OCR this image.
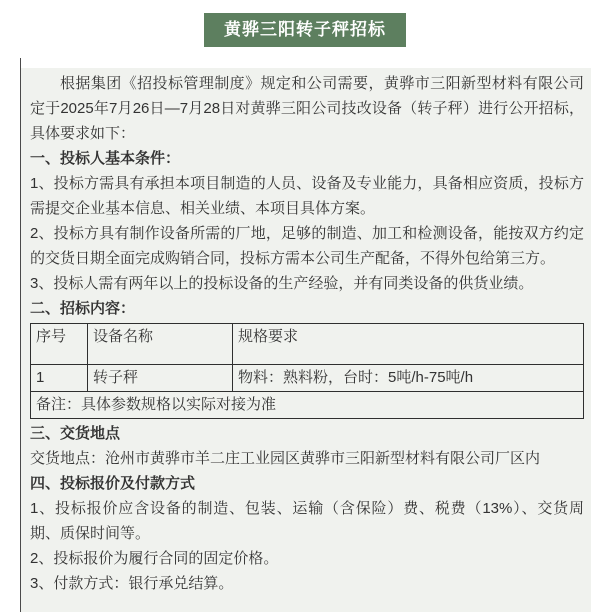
黄骅三阳转子秤招标

根据集团《招投标管理制度》规定和公司需要，黄骅市三阳新型材料有限公司定于2025年7月26日—7月28日对黄骅三阳公司技改设备（转子秤）进行公开招标，具体要求如下：

一、投标人基本条件：

1、投标方需具有承担本项目制造的人员、设备及专业能力，具备相应资质，投标方需提交企业基本信息、相关业绩、本项目具体方案。

2、投标方具有制作设备所需的厂地，足够的制造、加工和检测设备，能按双方约定的交货日期全面完成购销合同，投标方需本公司生产配备，不得外包给第三方。

3、投标人需有两年以上的投标设备的生产经验，并有同类设备的供货业绩。

二、招标内容：

序号	设备名称	规格要求
1	转子秤	物料：熟料粉，台时：5吨/h-75吨/h
备注：具体参数规格以实际对接为准		

三、交货地点

交货地点：沧州市黄骅市羊二庄工业园区黄骅市三阳新型材料有限公司厂区内

四、投标报价及付款方式

1、投标报价应含设备的制造、包装、运输（含保险）费、税费（13%）、交货周期、质保时间等。

2、投标报价为履行合同的固定价格。

3、付款方式：银行承兑结算。
